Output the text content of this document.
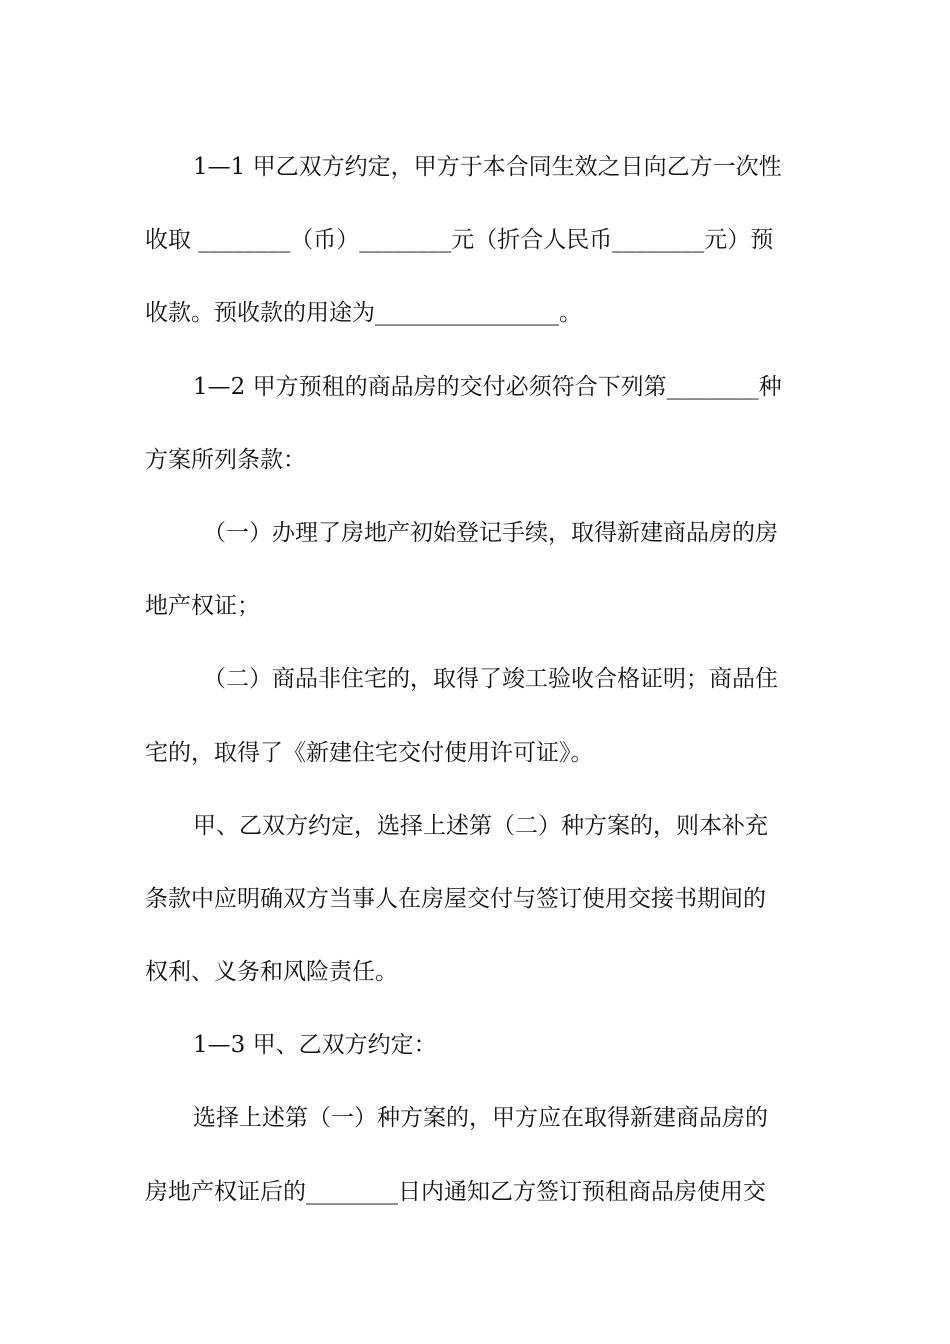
1—1 甲乙双方约定，甲方于本合同生效之日向乙方一次性
收取 ________（币）________元（折合人民币________元）预
收款。预收款的用途为________________。
1—2 甲方预租的商品房的交付必须符合下列第________种
方案所列条款：
（一）办理了房地产初始登记手续，取得新建商品房的房
地产权证；
（二）商品非住宅的，取得了竣工验收合格证明；商品住
宅的，取得了《新建住宅交付使用许可证》。
甲、乙双方约定，选择上述第（二）种方案的，则本补充
条款中应明确双方当事人在房屋交付与签订使用交接书期间的
权利、义务和风险责任。
1—3 甲、乙双方约定：
选择上述第（一）种方案的，甲方应在取得新建商品房的
房地产权证后的________日内通知乙方签订预租商品房使用交
